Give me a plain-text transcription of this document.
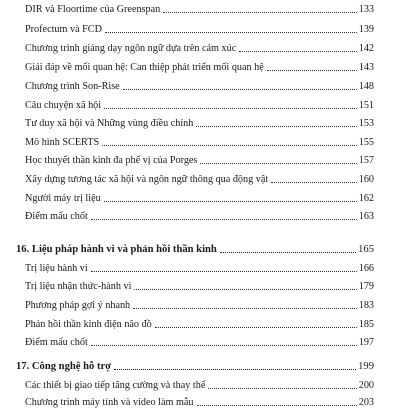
DIR và Floortime của Greenspan	133
Profectum và FCD	139
Chương trình giảng dạy ngôn ngữ dựa trên cảm xúc	142
Giải đáp về mối quan hệ: Can thiệp phát triển mối quan hệ	143
Chương trình Son-Rise	148
Câu chuyện xã hội	151
Tư duy xã hội và Những vùng điều chỉnh	153
Mô hình SCERTS	155
Học thuyết thần kinh đa phế vị của Porges	157
Xây dựng tương tác xã hội và ngôn ngữ thông qua động vật	160
Người máy trị liệu	162
Điểm mấu chốt	163
16. Liệu pháp hành vi và phản hồi thần kinh	165
Trị liệu hành vi	166
Trị liệu nhận thức-hành vi	179
Phương pháp gợi ý nhanh	183
Phản hồi thần kinh điện não đồ	185
Điểm mấu chốt	197
17. Công nghệ hỗ trợ	199
Các thiết bị giao tiếp tăng cường và thay thế	200
Chương trình máy tính và video làm mẫu	203
